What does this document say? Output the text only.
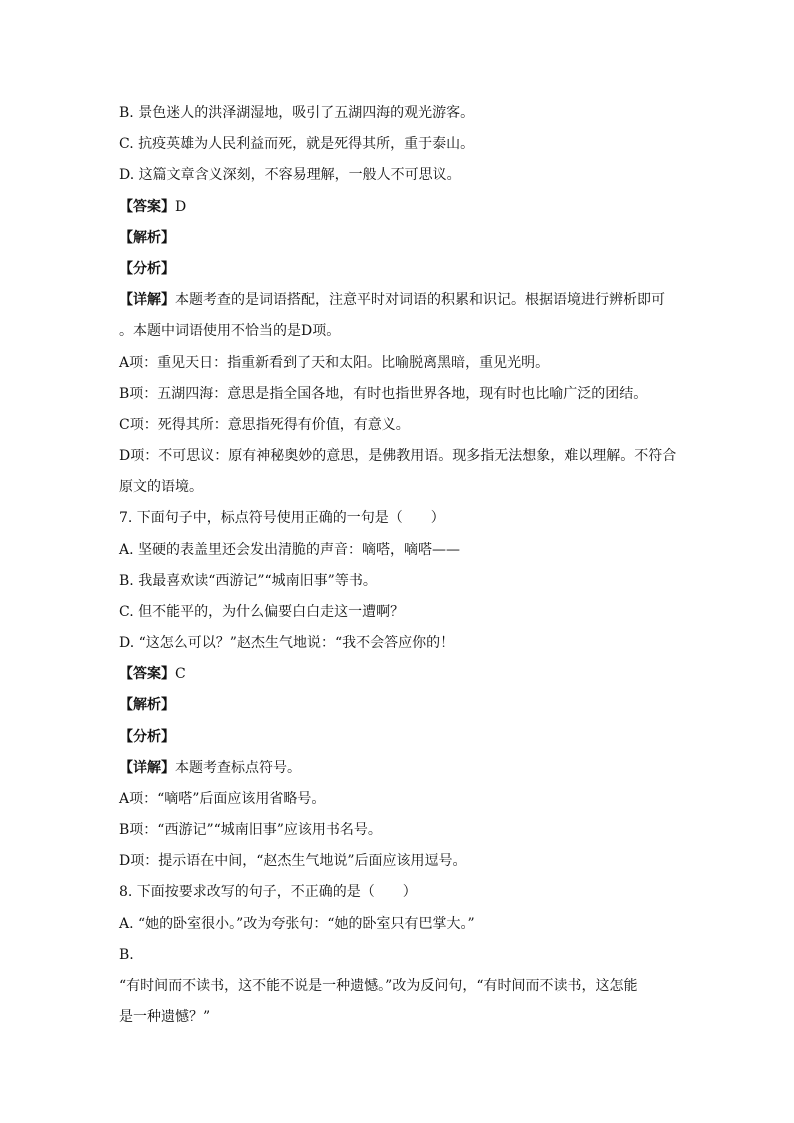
B. 景色迷人的洪泽湖湿地，吸引了五湖四海的观光游客。
C. 抗疫英雄为人民利益而死，就是死得其所，重于泰山。
D. 这篇文章含义深刻，不容易理解，一般人不可思议。
【答案】D
【解析】
【分析】
【详解】本题考查的是词语搭配，注意平时对词语的积累和识记。根据语境进行辨析即可
。本题中词语使用不恰当的是D项。
A项：重见天日：指重新看到了天和太阳。比喻脱离黑暗，重见光明。
B项：五湖四海：意思是指全国各地，有时也指世界各地，现有时也比喻广泛的团结。
C项：死得其所：意思指死得有价值，有意义。
D项：不可思议：原有神秘奥妙的意思，是佛教用语。现多指无法想象，难以理解。不符合
原文的语境。
7. 下面句子中，标点符号使用正确的一句是（　　）
A. 坚硬的表盖里还会发出清脆的声音：嘀嗒，嘀嗒——
B. 我最喜欢读“西游记”“城南旧事”等书。
C. 但不能平的，为什么偏要白白走这一遭啊？
D. “这怎么可以？”赵杰生气地说：“我不会答应你的！
【答案】C
【解析】
【分析】
【详解】本题考查标点符号。
A项：“嘀嗒”后面应该用省略号。
B项：“西游记”“城南旧事”应该用书名号。
D项：提示语在中间，“赵杰生气地说”后面应该用逗号。
8. 下面按要求改写的句子，不正确的是（　　）
A. “她的卧室很小。”改为夸张句：“她的卧室只有巴掌大。”
B.
“有时间而不读书，这不能不说是一种遗憾。”改为反问句，“有时间而不读书，这怎能
是一种遗憾？”
